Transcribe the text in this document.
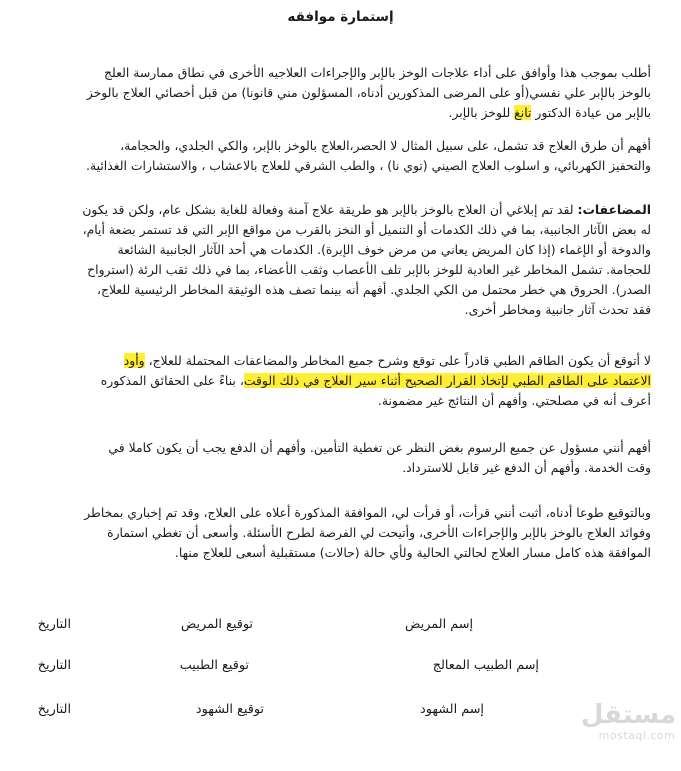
إستمارة موافقه
أطلب بموجب هذا وأوافق على أداء علاجات الوخز بالإبر والإجراءات العلاجيه الأخرى في نطاق ممارسة العلج
بالوخز بالإبر علي نفسي(أو على المرضى المذكورين أدناه، المسؤلون مني قانونا) من قبل أخصائي العلاج بالوخز
بالإبر من عيادة الدكتور تانغ للوخز بالإبر.
أفهم أن طرق العلاج قد تشمل، على سبيل المثال لا الحصر،العلاج بالوخز بالإبر، والكي الجلدي، والحجامة،
والتحفيز الكهربائي، و اسلوب العلاج الصيني (توي نا) ، والطب الشرقي للعلاج بالاعشاب ، والاستشارات الغذائية.
المضاعفات: لقد تم إبلاغي أن العلاج بالوخز بالإبر هو طريقة علاج آمنة وفعالة للغاية بشكل عام، ولكن قد يكون
له بعض الآثار الجانبية، بما في ذلك الكدمات أو التنميل أو النخز بالقرب من مواقع الإبر التي قد تستمر بضعة أيام،
والدوخة أو الإغماء (إذا كان المريض يعاني من مرض خوف الإبرة). الكدمات هي أحد الآثار الجانبية الشائعة
للحجامة. تشمل المخاطر غير العادية للوخز بالإبر تلف الأعصاب وثقب الأعضاء، بما في ذلك ثقب الرئة (استرواح
الصدر). الحروق هي خطر محتمل من الكي الجلدي. أفهم أنه بينما تصف هذه الوثيقة المخاطر الرئيسية للعلاج،
فقد تحدث آثار جانبية ومخاطر أخرى.
لا أتوقع أن يكون الطاقم الطبي قادراً على توقع وشرح جميع المخاطر والمضاعفات المحتملة للعلاج، وأود
الاعتماد على الطاقم الطبي لإتخاذ القرار الصحيح أثناء سير العلاج في ذلك الوقت، بناءً على الحقائق المذكوره
أعرف أنه في مصلحتي. وأفهم أن النتائج غير مضمونة.
أفهم أنني مسؤول عن جميع الرسوم بغض النظر عن تغطية التأمين. وأفهم أن الدفع يجب أن يكون كاملا في
وقت الخدمة. وأفهم أن الدفع غير قابل للاسترداد.
وبالتوقيع طوعا أدناه، أثبت أنني قرأت، أو قرأت لي، الموافقة المذكورة أعلاه على العلاج، وقد تم إخباري بمخاطر
وفوائد العلاج بالوخز بالإبر والإجراءات الأخرى، وأتيحت لي الفرصة لطرح الأسئلة. وأسعى أن تغطي استمارة
الموافقة هذه كامل مسار العلاج لحالتي الحالية ولأي حالة (حالات) مستقبلية أسعى للعلاج منها.
إسم المريض
توقيع المريض
التاريخ
إسم الطبيب المعالج
توقيع الطبيب
التاريخ
إسم الشهود
توقيع الشهود
التاريخ	مستقل
mostaql.com
